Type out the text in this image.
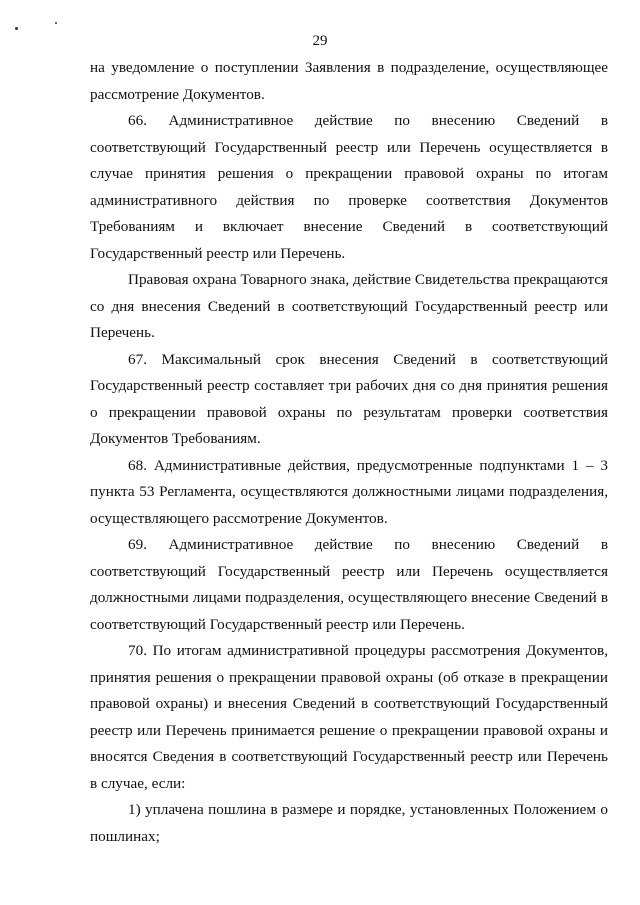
29

на уведомление о поступлении Заявления в подразделение, осуществляющее рассмотрение Документов.

66. Административное действие по внесению Сведений в соответствующий Государственный реестр или Перечень осуществляется в случае принятия решения о прекращении правовой охраны по итогам административного действия по проверке соответствия Документов Требованиям и включает внесение Сведений в соответствующий Государственный реестр или Перечень.

Правовая охрана Товарного знака, действие Свидетельства прекращаются со дня внесения Сведений в соответствующий Государственный реестр или Перечень.

67. Максимальный срок внесения Сведений в соответствующий Государственный реестр составляет три рабочих дня со дня принятия решения о прекращении правовой охраны по результатам проверки соответствия Документов Требованиям.

68. Административные действия, предусмотренные подпунктами 1 – 3 пункта 53 Регламента, осуществляются должностными лицами подразделения, осуществляющего рассмотрение Документов.

69. Административное действие по внесению Сведений в соответствующий Государственный реестр или Перечень осуществляется должностными лицами подразделения, осуществляющего внесение Сведений в соответствующий Государственный реестр или Перечень.

70. По итогам административной процедуры рассмотрения Документов, принятия решения о прекращении правовой охраны (об отказе в прекращении правовой охраны) и внесения Сведений в соответствующий Государственный реестр или Перечень принимается решение о прекращении правовой охраны и вносятся Сведения в соответствующий Государственный реестр или Перечень в случае, если:

1) уплачена пошлина в размере и порядке, установленных Положением о пошлинах;
